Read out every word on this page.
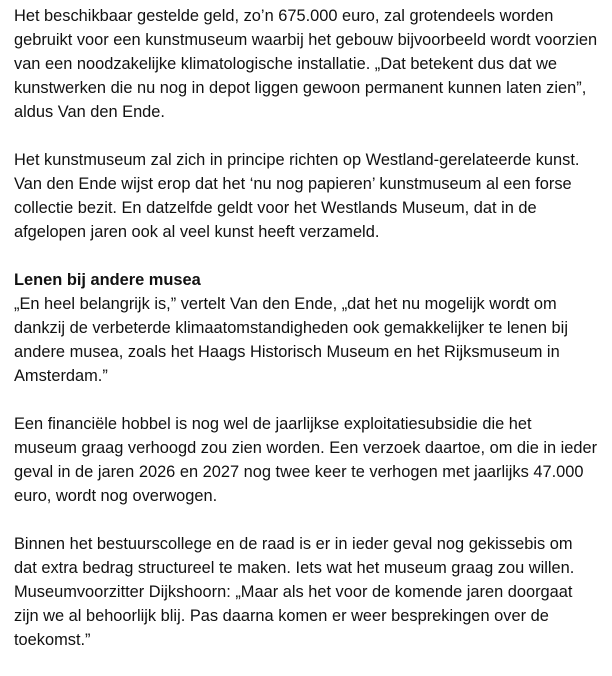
Het beschikbaar gestelde geld, zo’n 675.000 euro, zal grotendeels worden gebruikt voor een kunstmuseum waarbij het gebouw bijvoorbeeld wordt voorzien van een noodzakelijke klimatologische installatie. „Dat betekent dus dat we kunstwerken die nu nog in depot liggen gewoon permanent kunnen laten zien”, aldus Van den Ende.

Het kunstmuseum zal zich in principe richten op Westland-gerelateerde kunst. Van den Ende wijst erop dat het ‘nu nog papieren’ kunstmuseum al een forse collectie bezit. En datzelfde geldt voor het Westlands Museum, dat in de afgelopen jaren ook al veel kunst heeft verzameld.

Lenen bij andere musea

„En heel belangrijk is,” vertelt Van den Ende, „dat het nu mogelijk wordt om dankzij de verbeterde klimaatomstandigheden ook gemakkelijker te lenen bij andere musea, zoals het Haags Historisch Museum en het Rijksmuseum in Amsterdam.”

Een financiële hobbel is nog wel de jaarlijkse exploitatiesubsidie die het museum graag verhoogd zou zien worden. Een verzoek daartoe, om die in ieder geval in de jaren 2026 en 2027 nog twee keer te verhogen met jaarlijks 47.000 euro, wordt nog overwogen.

Binnen het bestuurscollege en de raad is er in ieder geval nog gekissebis om dat extra bedrag structureel te maken. Iets wat het museum graag zou willen. Museumvoorzitter Dijkshoorn: „Maar als het voor de komende jaren doorgaat zijn we al behoorlijk blij. Pas daarna komen er weer besprekingen over de toekomst.”
